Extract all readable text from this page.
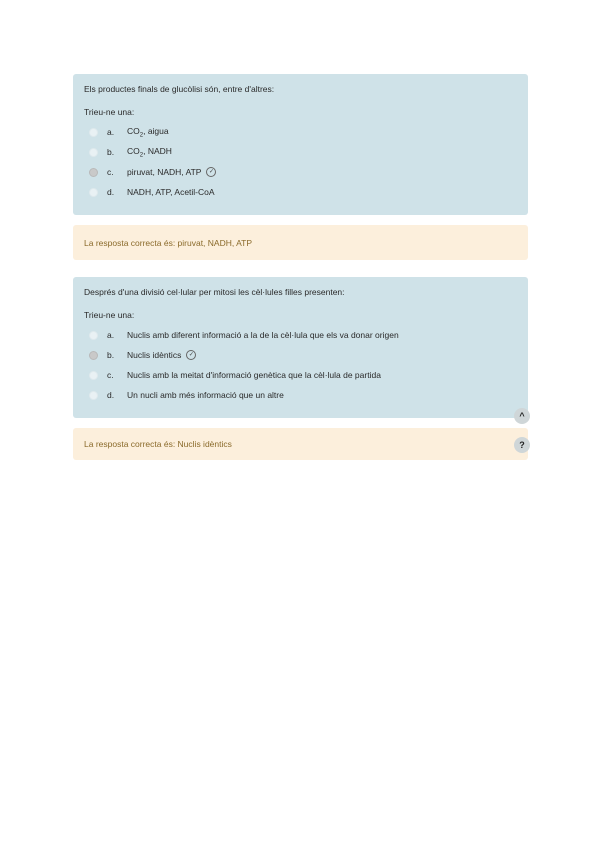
Els productes finals de glucòlisi són, entre d'altres:

Trieu-ne una:

a.	$CO_2$, aigua
b.	$CO_2$, NADH
c.	piruvat, NADH, ATP	✓
d.	NADH, ATP, Acetil-CoA
La resposta correcta és: piruvat, NADH, ATP

Després d'una divisió cel·lular per mitosi les cèl·lules filles presenten:

Trieu-ne una:

a.	Nuclis amb diferent informació a la de la cèl·lula que els va donar origen
b.	Nuclis idèntics	✓
c.	Nuclis amb la meitat d'informació genètica que la cèl·lula de partida
d.	Un nucli amb més informació que un altre
La resposta correcta és: Nuclis idèntics
^
?
